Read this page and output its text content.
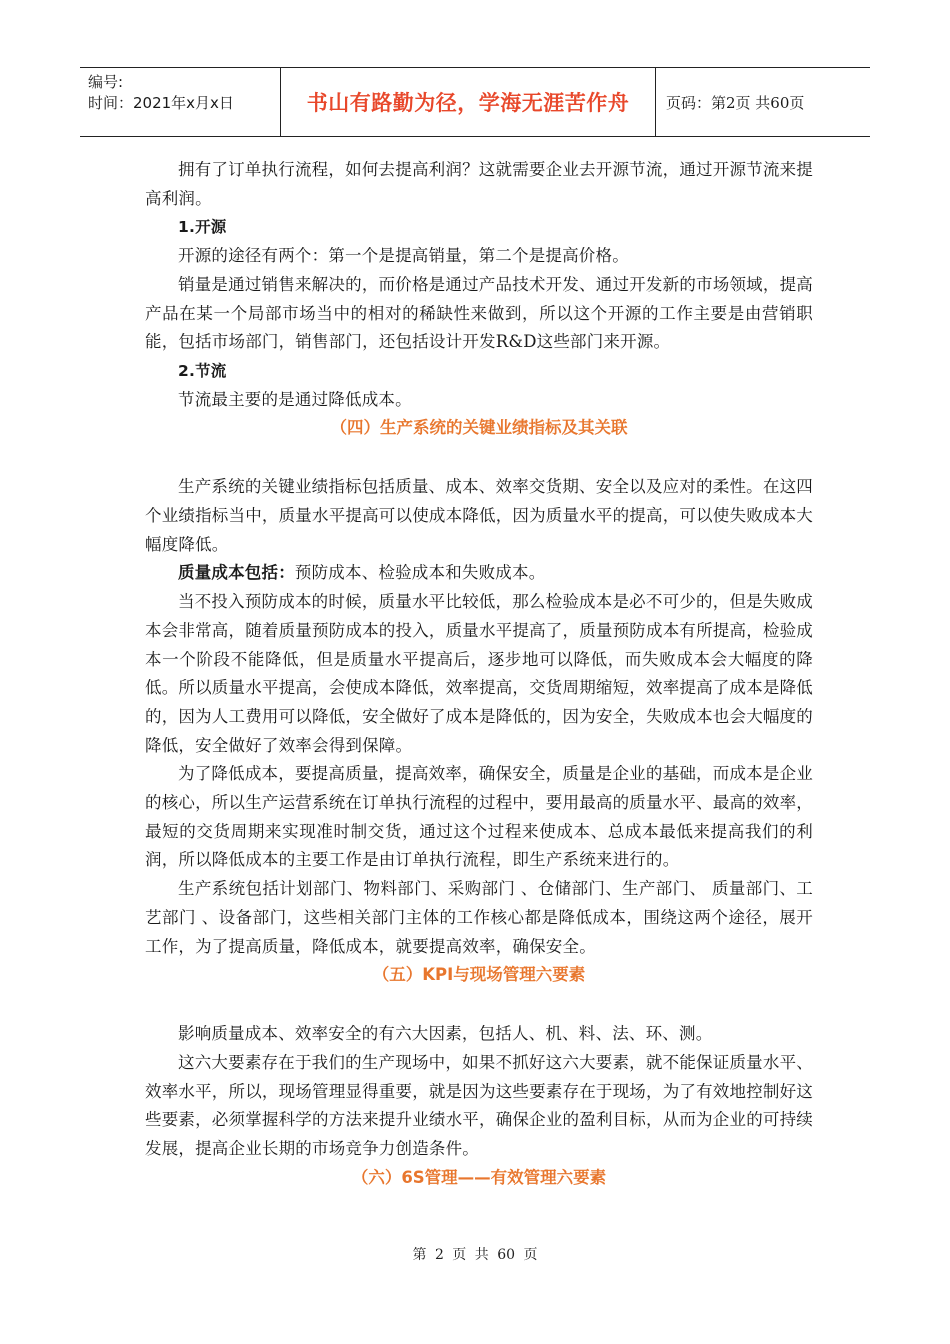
编号:
时间：2021年x月x日	书山有路勤为径，学海无涯苦作舟	页码：第2页 共60页

拥有了订单执行流程，如何去提高利润？这就需要企业去开源节流，通过开源节流来提高利润。

1.开源

开源的途径有两个：第一个是提高销量，第二个是提高价格。

销量是通过销售来解决的，而价格是通过产品技术开发、通过开发新的市场领域，提高产品在某一个局部市场当中的相对的稀缺性来做到，所以这个开源的工作主要是由营销职能，包括市场部门，销售部门，还包括设计开发R&D这些部门来开源。

2.节流

节流最主要的是通过降低成本。

（四）生产系统的关键业绩指标及其关联

生产系统的关键业绩指标包括质量、成本、效率交货期、安全以及应对的柔性。在这四个业绩指标当中，质量水平提高可以使成本降低，因为质量水平的提高，可以使失败成本大幅度降低。

质量成本包括：预防成本、检验成本和失败成本。

当不投入预防成本的时候，质量水平比较低，那么检验成本是必不可少的，但是失败成本会非常高，随着质量预防成本的投入，质量水平提高了，质量预防成本有所提高，检验成本一个阶段不能降低，但是质量水平提高后，逐步地可以降低，而失败成本会大幅度的降低。所以质量水平提高，会使成本降低，效率提高，交货周期缩短，效率提高了成本是降低的，因为人工费用可以降低，安全做好了成本是降低的，因为安全，失败成本也会大幅度的降低，安全做好了效率会得到保障。

为了降低成本，要提高质量，提高效率，确保安全，质量是企业的基础，而成本是企业的核心，所以生产运营系统在订单执行流程的过程中，要用最高的质量水平、最高的效率，最短的交货周期来实现准时制交货，通过这个过程来使成本、总成本最低来提高我们的利润，所以降低成本的主要工作是由订单执行流程，即生产系统来进行的。

生产系统包括计划部门、物料部门、采购部门 、仓储部门、生产部门、 质量部门、工艺部门 、设备部门，这些相关部门主体的工作核心都是降低成本，围绕这两个途径，展开工作，为了提高质量，降低成本，就要提高效率，确保安全。

（五）KPI与现场管理六要素

影响质量成本、效率安全的有六大因素，包括人、机、料、法、环、测。

这六大要素存在于我们的生产现场中，如果不抓好这六大要素，就不能保证质量水平、效率水平，所以，现场管理显得重要，就是因为这些要素存在于现场，为了有效地控制好这些要素，必须掌握科学的方法来提升业绩水平，确保企业的盈利目标，从而为企业的可持续发展，提高企业长期的市场竞争力创造条件。

（六）6S管理——有效管理六要素
第 2 页 共 60 页
